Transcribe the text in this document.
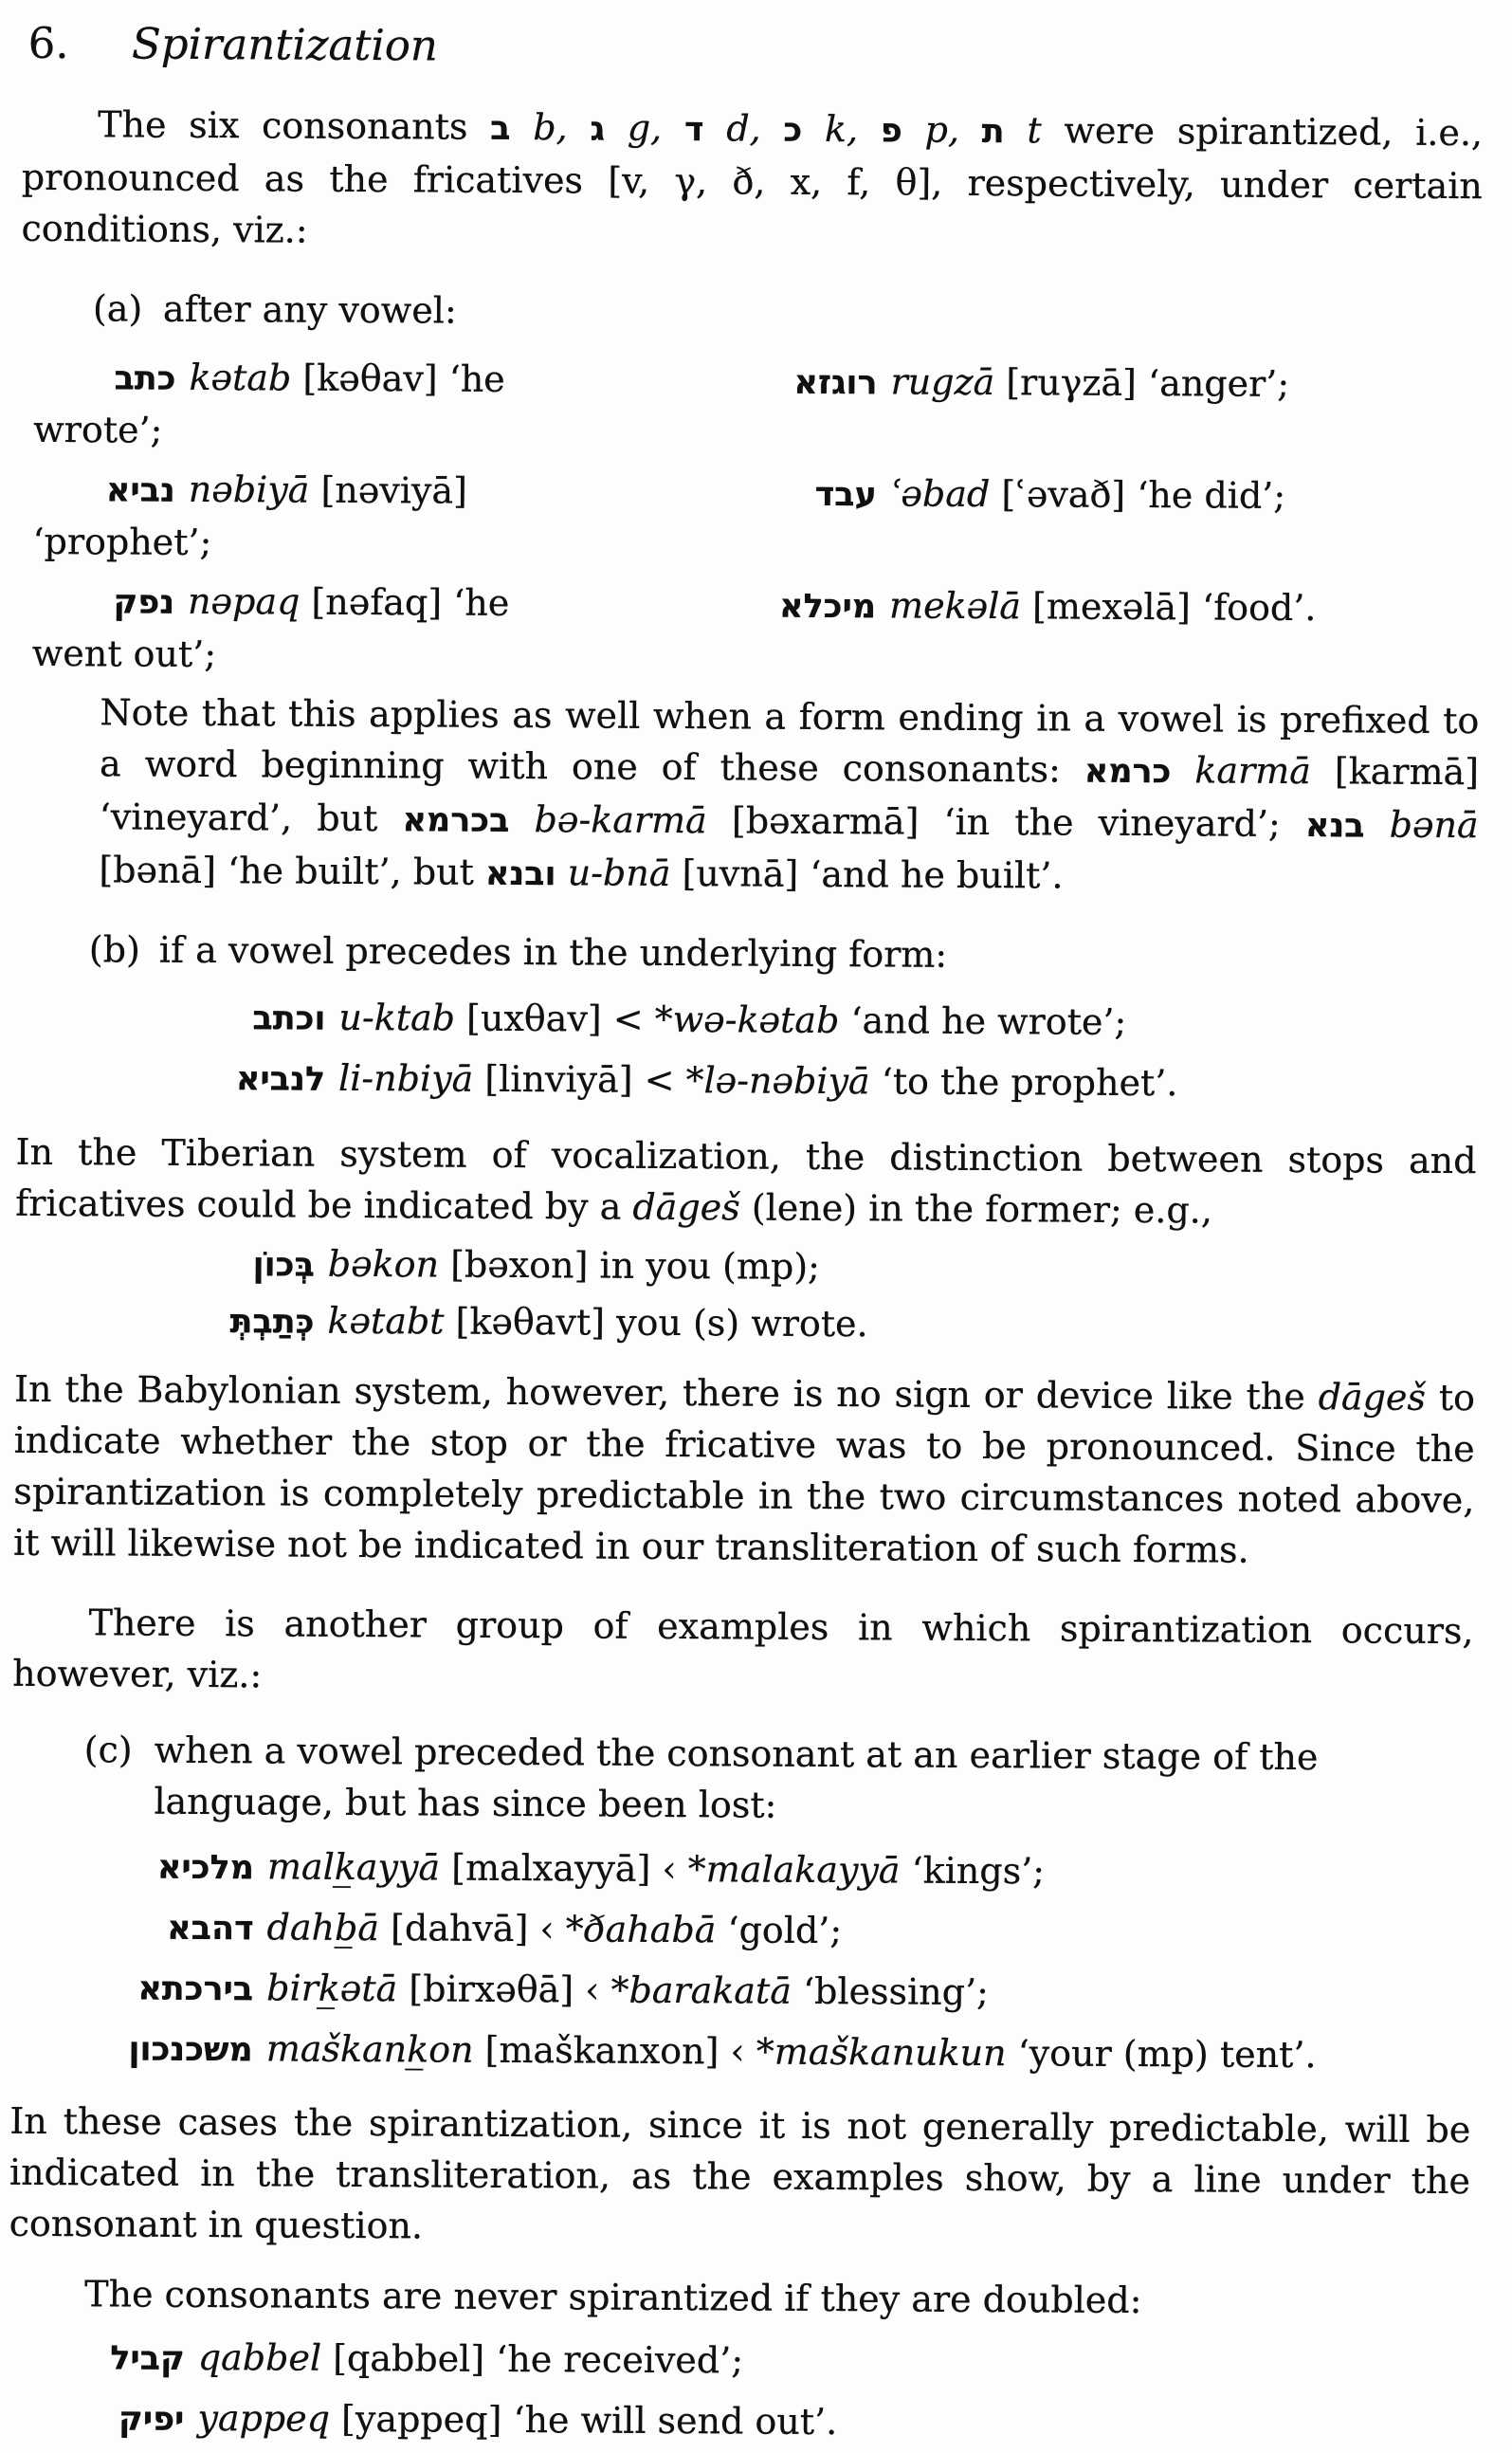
6. Spirantization

The six consonants ב b, ג g, ד d, כ k, פ p, ת t were spirantized, i.e., pronounced as the fricatives [v, γ, ð, x, f, θ], respectively, under certain conditions, viz.:

(a) after any vowel:
כתב kətab [kəθav] ‘he wrote’;
רוגזא rugzā [ruγzā] ‘anger’;
נביא nəbiyā [nəviyā] ‘prophet’;
עבד ʿəbad [ʿəvað] ‘he did’;
נפק nəpaq [nəfaq] ‘he went out’;
מיכלא mekəlā [mexəlā] ‘food’.

Note that this applies as well when a form ending in a vowel is prefixed to a word beginning with one of these consonants: כרמא karmā [karmā] ‘vineyard’, but בכרמא bə-karmā [bəxarmā] ‘in the vineyard’; בנא bənā [bənā] ‘he built’, but ובנא u-bnā [uvnā] ‘and he built’.

(b) if a vowel precedes in the underlying form:
וכתב u-ktab [uxθav] < *wə-kətab ‘and he wrote’;
לנביא li-nbiyā [linviyā] < *lə-nəbiyā ‘to the prophet’.

In the Tiberian system of vocalization, the distinction between stops and fricatives could be indicated by a dāgeš (lene) in the former; e.g.,

בְּכוֹן bəkon [bəxon] in you (mp);
כְּתַבְתְּ kətabt [kəθavt] you (s) wrote.

In the Babylonian system, however, there is no sign or device like the dāgeš to indicate whether the stop or the fricative was to be pronounced. Since the spirantization is completely predictable in the two circumstances noted above, it will likewise not be indicated in our transliteration of such forms.

There is another group of examples in which spirantization occurs, however, viz.:

(c) when a vowel preceded the consonant at an earlier stage of the language, but has since been lost:
מלכיא malk̲ayyā [malxayyā] ‹ *malakayyā ‘kings’;
דהבא dahb̲ā [dahvā] ‹ *ðahabā ‘gold’;
בירכתא birk̲ətā [birxəθā] ‹ *barakatā ‘blessing’;
משכנכון maškank̲on [maškanxon] ‹ *maškanukun ‘your (mp) tent’.

In these cases the spirantization, since it is not generally predictable, will be indicated in the transliteration, as the examples show, by a line under the consonant in question.

The consonants are never spirantized if they are doubled:

קביל qabbel [qabbel] ‘he received’;
יפיק yappeq [yappeq] ‘he will send out’.
